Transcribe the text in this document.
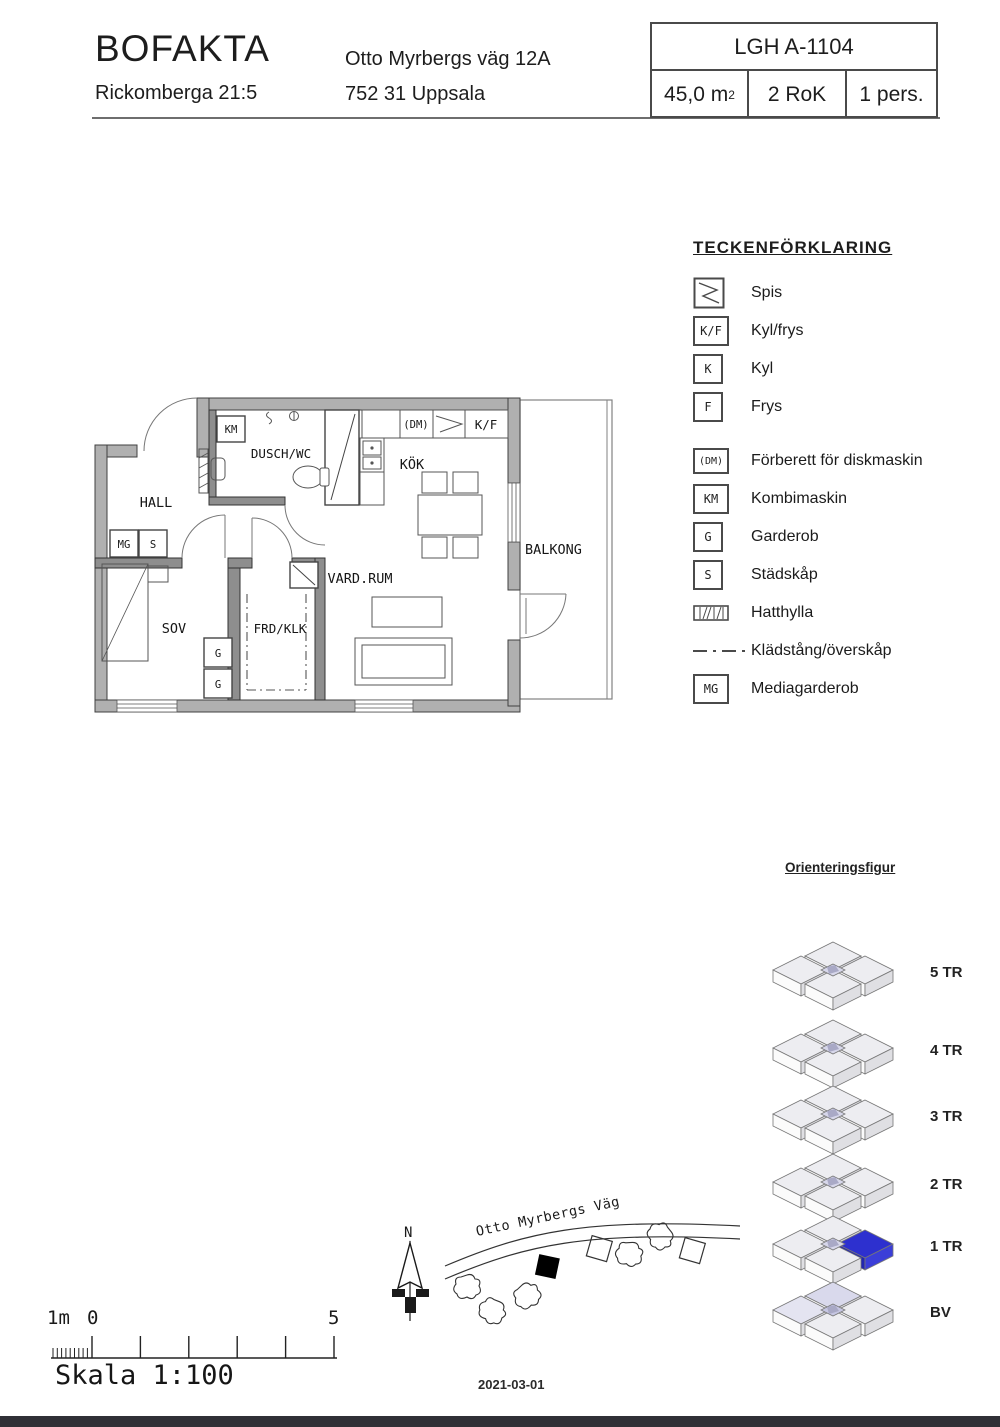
BOFAKTA
Rickomberga 21:5
Otto Myrbergs väg 12A
752 31 Uppsala
LGH A-1104
45,0 m 2	2 RoK	1 pers.
KM	(DM)	K/F
MG S
G
G
HALL
DUSCH/WC
KÖK
SOV	FRD/KLK
VARD.RUM
BALKONG
TECKENFÖRKLARING
Spis
K/F	Kyl/frys
K	Kyl
F	Frys
(DM)	Förberett för diskmaskin
KM	Kombimaskin
G	Garderob
S	Städskåp
Hatthylla
Klädstång/överskåp
MG	Mediagarderob
Orienteringsfigur
5 TR
4 TR
3 TR
2 TR
1 TR
BV
N	Otto Myrbergs Väg
1m 0	5
Skala 1:100	2021-03-01
